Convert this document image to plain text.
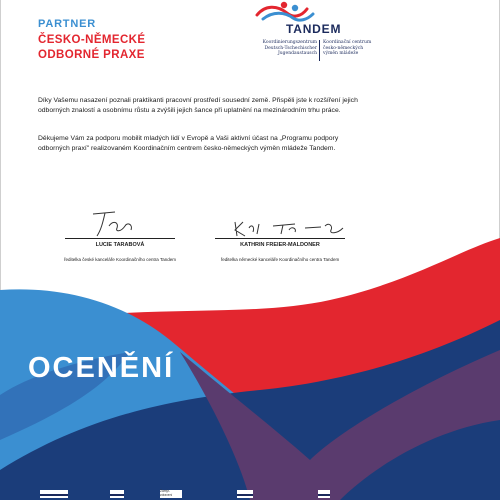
PARTNER
ČESKO-NĚMECKÉ
ODBORNÉ PRAXE
TANDEM
Koordinierungszentrum
Deutsch-Tschechischer
Jugendaustausch
Koordinační centrum
česko-německých
výměn mládeže

Díky Vašemu nasazení poznali praktikanti pracovní prostředí sousední země. Přispěli jste k rozšíření jejich odborných znalostí a osobnímu růstu a zvýšili jejich šance při uplatnění na mezinárodním trhu práce.

Děkujeme Vám za podporu mobilit mladých lidí v Evropě a Vaši aktivní účast na „Programu podpory odborných praxí" realizovaném Koordinačním centrem česko-německých výměn mládeže Tandem.

LUCIE TARABOVÁ	KATHRIN FREIER-MALDONER
ředitelka české kanceláře Koordinačního centra Tandem	ředitelka německé kanceláře Koordinačního centra Tandem
OCENĚNÍ
Zamýr-zdravení
